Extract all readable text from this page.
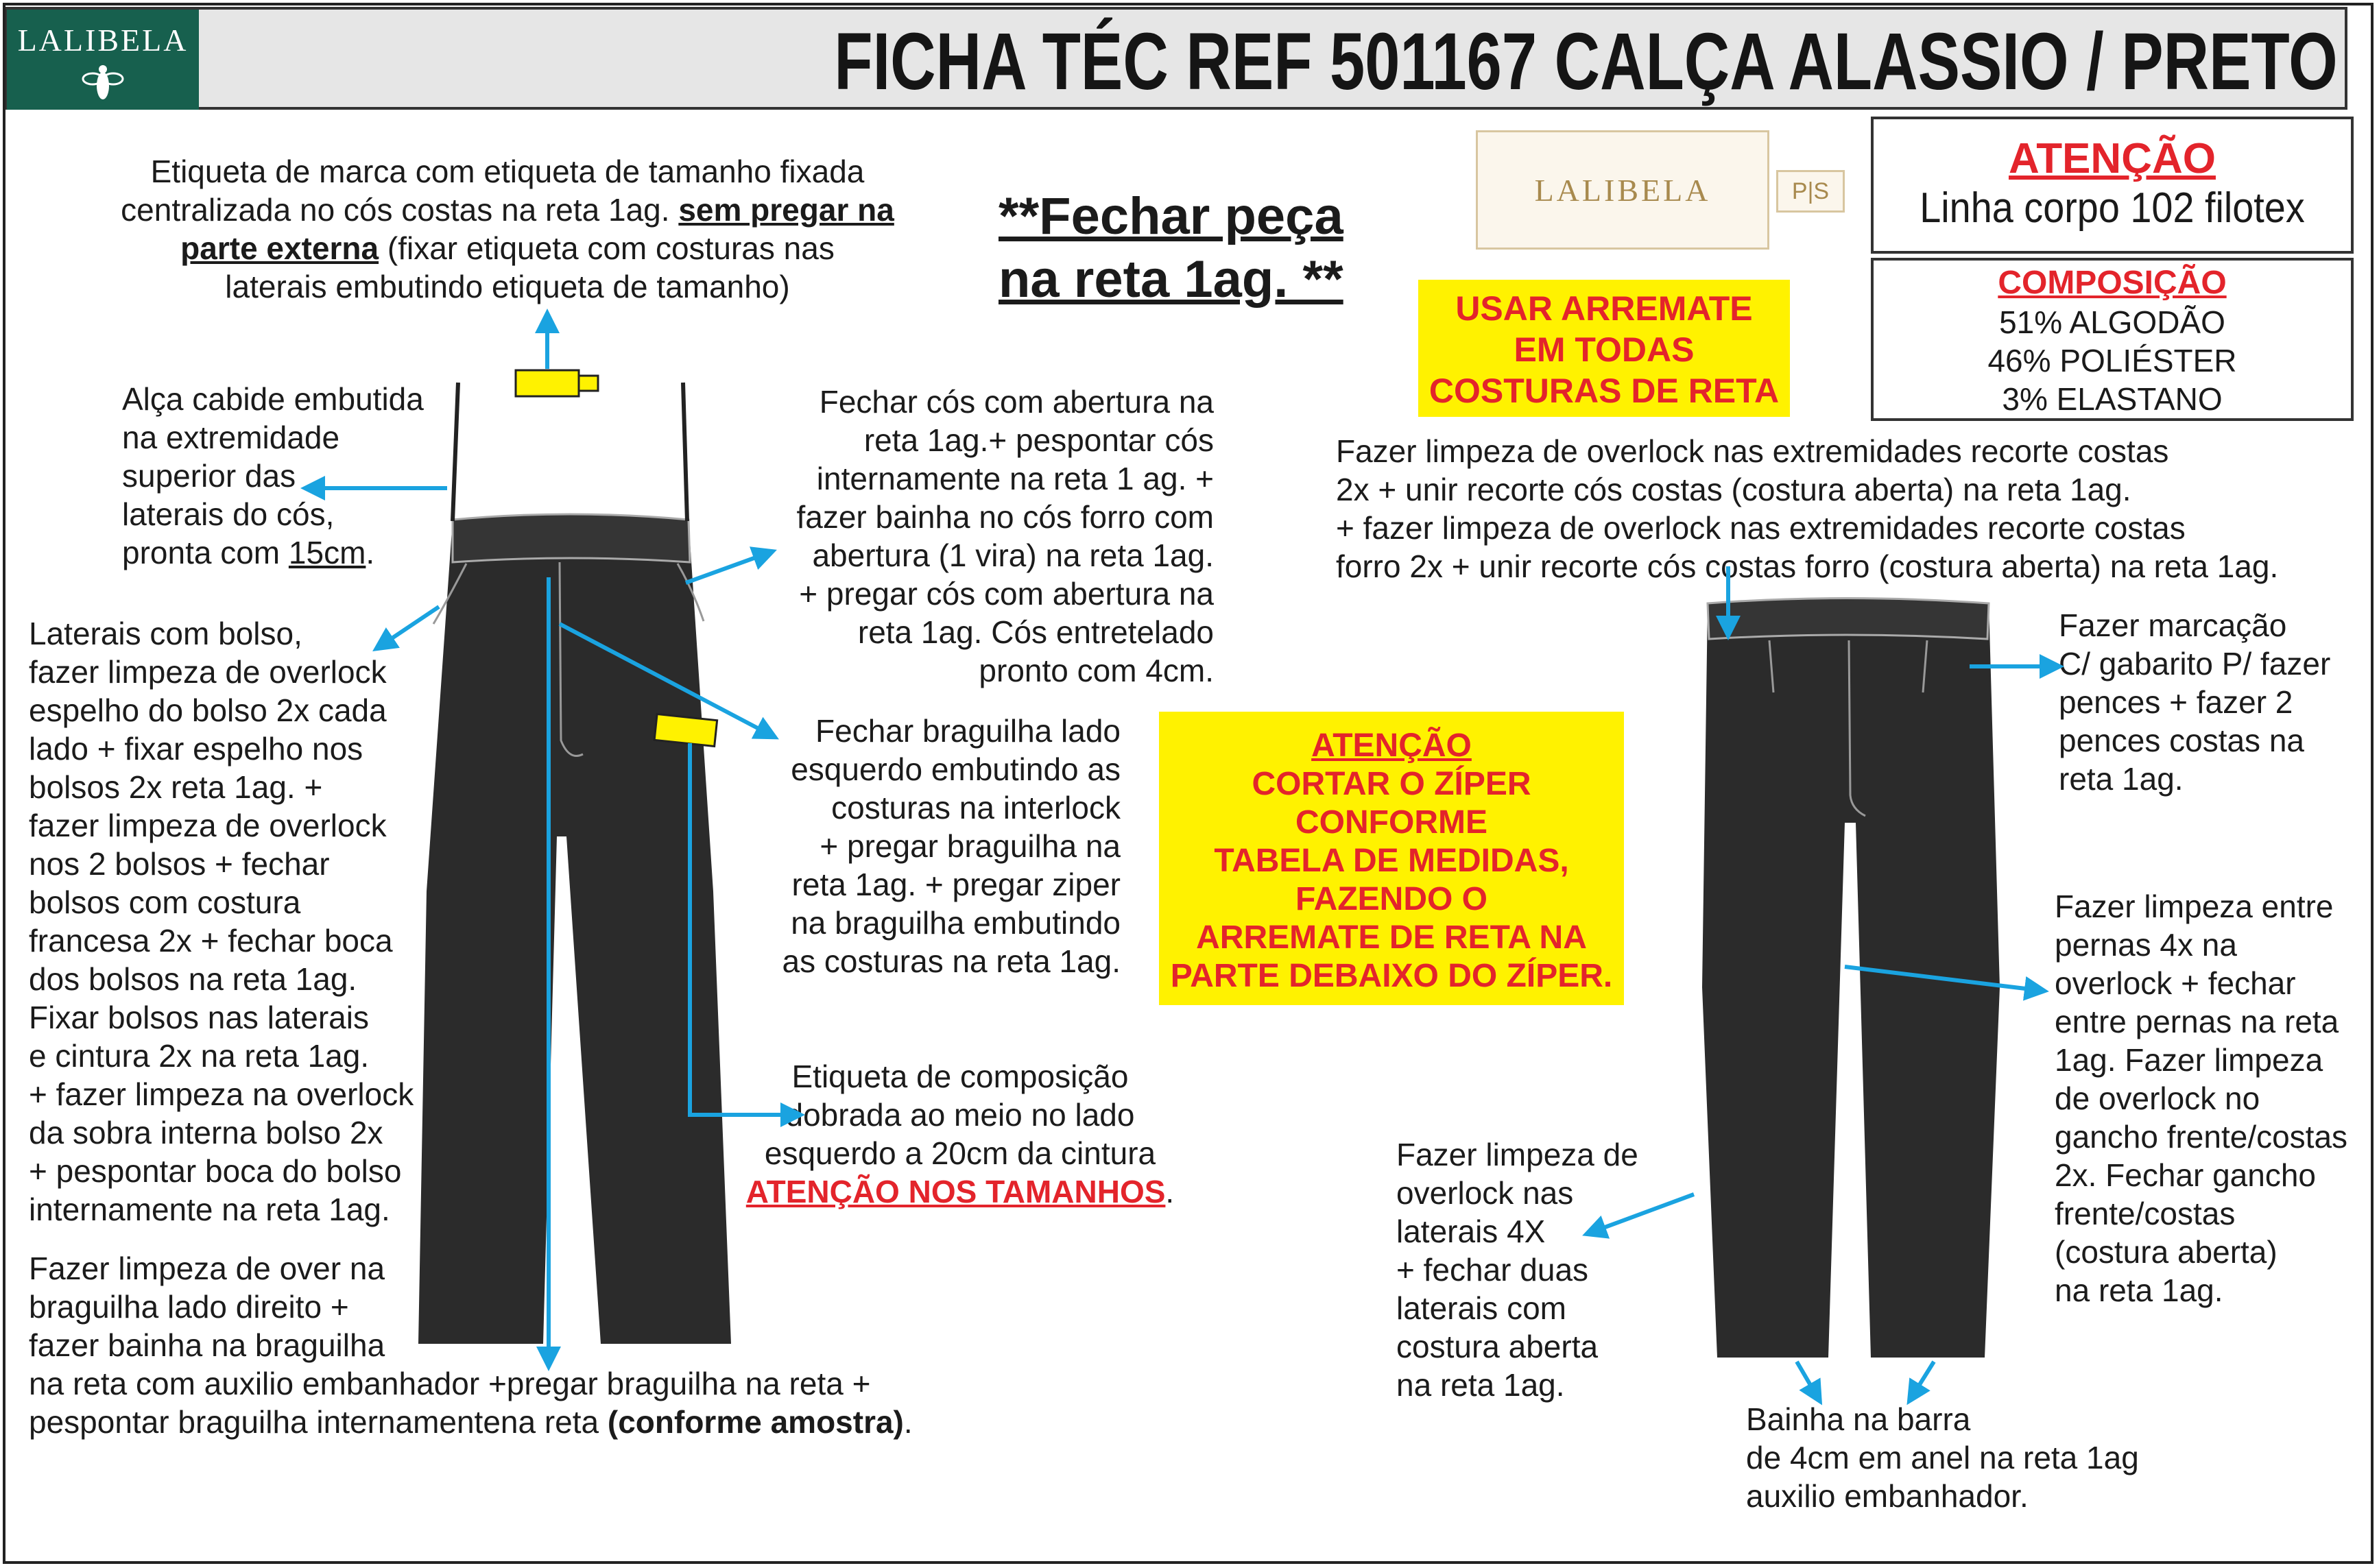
LALIBELA	FICHA TÉC REF 501167 CALÇA ALASSIO / PRETO
LALIBELA	P|S
ATENÇÃO
Linha corpo 102 filotex
COMPOSIÇÃO
51% ALGODÃO
46% POLIÉSTER
3% ELASTANO
**Fechar peça
na reta 1ag. **	USAR ARREMATE
EM TODAS
COSTURAS DE RETA
ATENÇÃO
CORTAR O ZÍPER
CONFORME
TABELA DE MEDIDAS,
FAZENDO O
ARREMATE DE RETA NA
PARTE DEBAIXO DO ZÍPER.
Etiqueta de marca com etiqueta de tamanho fixada
centralizada no cós costas na reta 1ag. sem pregar na
parte externa (fixar etiqueta com costuras nas
laterais embutindo etiqueta de tamanho)
Alça cabide embutida
na extremidade
superior das
laterais do cós,
pronta com 15cm.
Fechar cós com abertura na
reta 1ag.+ pespontar cós
internamente na reta 1 ag. +
fazer bainha no cós forro com
abertura (1 vira) na reta 1ag.
+ pregar cós com abertura na
reta 1ag. Cós entretelado
pronto com 4cm.
Laterais com bolso,
fazer limpeza de overlock
espelho do bolso 2x cada
lado + fixar espelho nos
bolsos 2x reta 1ag. +
fazer limpeza de overlock
nos 2 bolsos + fechar
bolsos com costura
francesa 2x + fechar boca
dos bolsos na reta 1ag.
Fixar bolsos nas laterais
e cintura 2x na reta 1ag.
+ fazer limpeza na overlock
da sobra interna bolso 2x
+ pespontar boca do bolso
internamente na reta 1ag.
Fechar braguilha lado
esquerdo embutindo as
costuras na interlock
+ pregar braguilha na
reta 1ag. + pregar ziper
na braguilha embutindo
as costuras na reta 1ag.
Etiqueta de composição
dobrada ao meio no lado
esquerdo a 20cm da cintura
ATENÇÃO NOS TAMANHOS.
Fazer limpeza de over na
braguilha lado direito +
fazer bainha na braguilha
na reta com auxilio embanhador +pregar braguilha na reta +
pespontar braguilha internamentena reta (conforme amostra).
Fazer limpeza de overlock nas extremidades recorte costas
2x + unir recorte cós costas (costura aberta) na reta 1ag.
+ fazer limpeza de overlock nas extremidades recorte costas
forro 2x + unir recorte cós costas forro (costura aberta) na reta 1ag.
Fazer marcação
C/ gabarito P/ fazer
pences + fazer 2
pences costas na
reta 1ag.
Fazer limpeza entre
pernas 4x na
overlock + fechar
entre pernas na reta
1ag. Fazer limpeza
de overlock no
gancho frente/costas
2x. Fechar gancho
frente/costas
(costura aberta)
na reta 1ag.
Fazer limpeza de
overlock nas
laterais 4X
+ fechar duas
laterais com
costura aberta
na reta 1ag.
Bainha na barra
de 4cm em anel na reta 1ag
auxilio embanhador.
